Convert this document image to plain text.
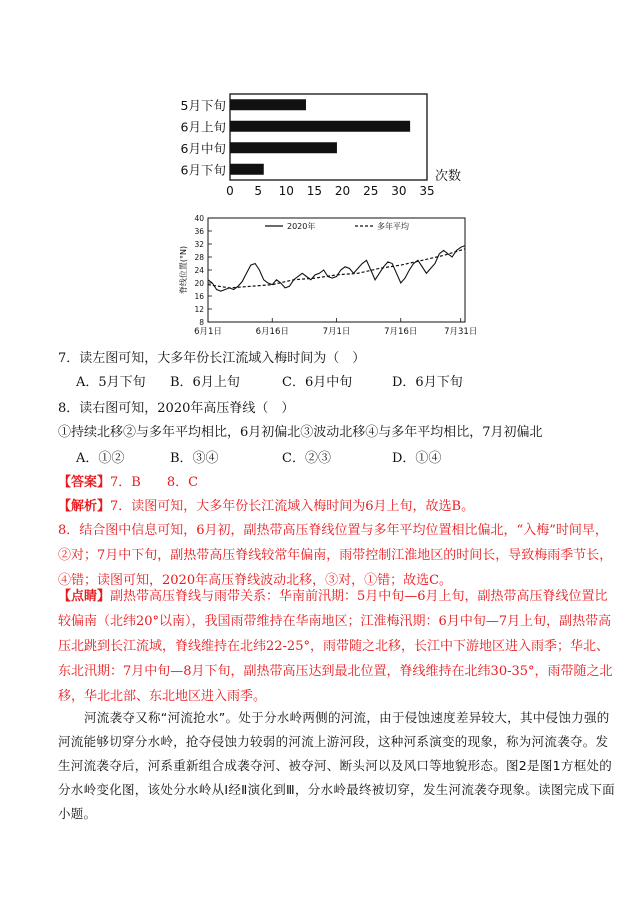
5月下旬
6月上旬
6月中旬
6月下旬
0 5 10 15 20 25 30 35
次数
40
36
32
28
24
20
16
12
8
6月1日	6月16日	7月1日	7月16日	7月31日
脊线位置(°N)
2020年	多年平均
7．读左图可知，大多年份长江流域入梅时间为（　）
A．5月下旬 B．6月上旬	C．6月中旬	D．6月下旬
8．读右图可知，2020年高压脊线（　）
①持续北移②与多年平均相比，6月初偏北③波动北移④与多年平均相比，7月初偏北
A．①②	B．③④	C．②③	D．①④
【答案】7．B　　8．C
【解析】7．读图可知，大多年份长江流域入梅时间为6月上旬，故选B。
8．结合图中信息可知，6月初，副热带高压脊线位置与多年平均位置相比偏北，“入梅”时间早，②对；7月中下旬，副热带高压脊线较常年偏南，雨带控制江淮地区的时间长，导致梅雨季节长，④错；读图可知，2020年高压脊线波动北移，③对，①错；故选C。
【点睛】副热带高压脊线与雨带关系：华南前汛期：5月中旬—6月上旬，副热带高压脊线位置比较偏南（北纬20°以南），我国雨带维持在华南地区；江淮梅汛期：6月中旬—7月上旬，副热带高压北跳到长江流域，脊线维持在北纬22-25°，雨带随之北移，长江中下游地区进入雨季；华北、东北汛期：7月中旬—8月下旬，副热带高压达到最北位置，脊线维持在北纬30-35°，雨带随之北移，华北北部、东北地区进入雨季。
河流袭夺又称“河流抢水”。处于分水岭两侧的河流，由于侵蚀速度差异较大，其中侵蚀力强的河流能够切穿分水岭，抢夺侵蚀力较弱的河流上游河段，这种河系演变的现象，称为河流袭夺。发生河流袭夺后，河系重新组合成袭夺河、被夺河、断头河以及风口等地貌形态。图2是图1方框处的分水岭变化图，该处分水岭从Ⅰ经Ⅱ演化到Ⅲ，分水岭最终被切穿，发生河流袭夺现象。读图完成下面小题。
